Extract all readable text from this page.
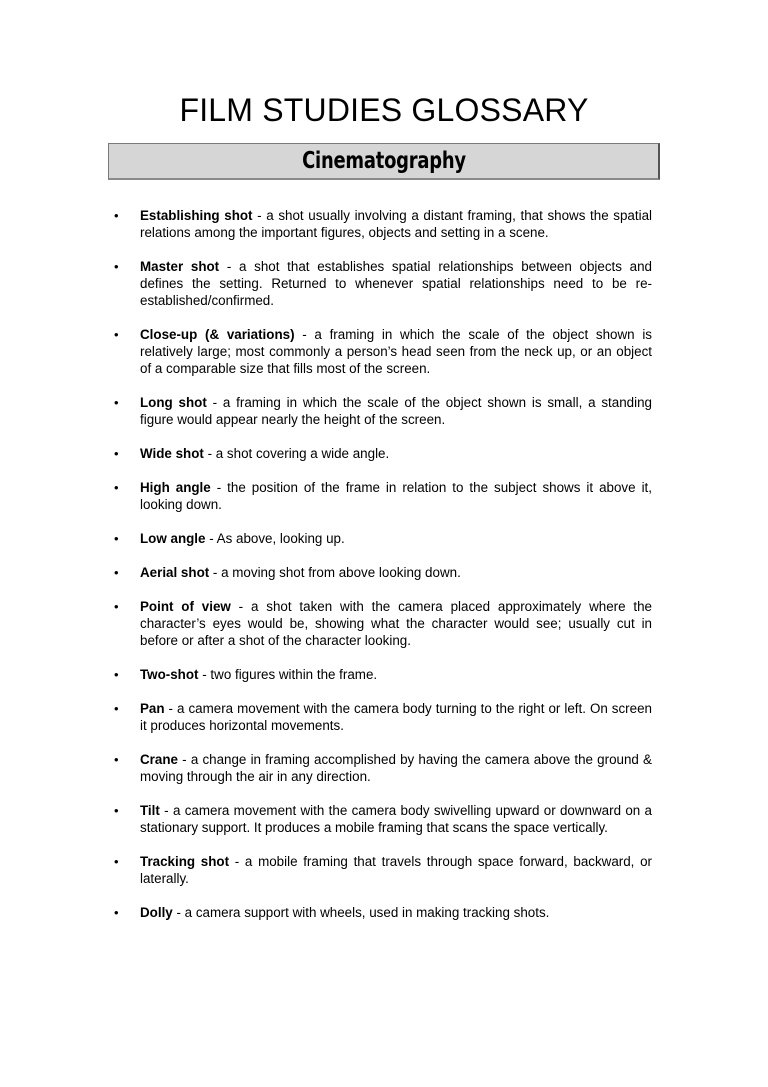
FILM STUDIES GLOSSARY
Cinematography
• Establishing shot - a shot usually involving a distant framing, that shows the spatial relations among the important figures, objects and setting in a scene.
• Master shot - a shot that establishes spatial relationships between objects and defines the setting. Returned to whenever spatial relationships need to be re-established/confirmed.
• Close-up (& variations) - a framing in which the scale of the object shown is relatively large; most commonly a person’s head seen from the neck up, or an object of a comparable size that fills most of the screen.
• Long shot - a framing in which the scale of the object shown is small, a standing figure would appear nearly the height of the screen.
• Wide shot - a shot covering a wide angle.
• High angle - the position of the frame in relation to the subject shows it above it, looking down.
• Low angle - As above, looking up.
• Aerial shot - a moving shot from above looking down.
• Point of view - a shot taken with the camera placed approximately where the character’s eyes would be, showing what the character would see; usually cut in before or after a shot of the character looking.
• Two-shot - two figures within the frame.
• Pan - a camera movement with the camera body turning to the right or left. On screen it produces horizontal movements.
• Crane - a change in framing accomplished by having the camera above the ground & moving through the air in any direction.
• Tilt - a camera movement with the camera body swivelling upward or downward on a stationary support. It produces a mobile framing that scans the space vertically.
• Tracking shot - a mobile framing that travels through space forward, backward, or laterally.
• Dolly - a camera support with wheels, used in making tracking shots.
